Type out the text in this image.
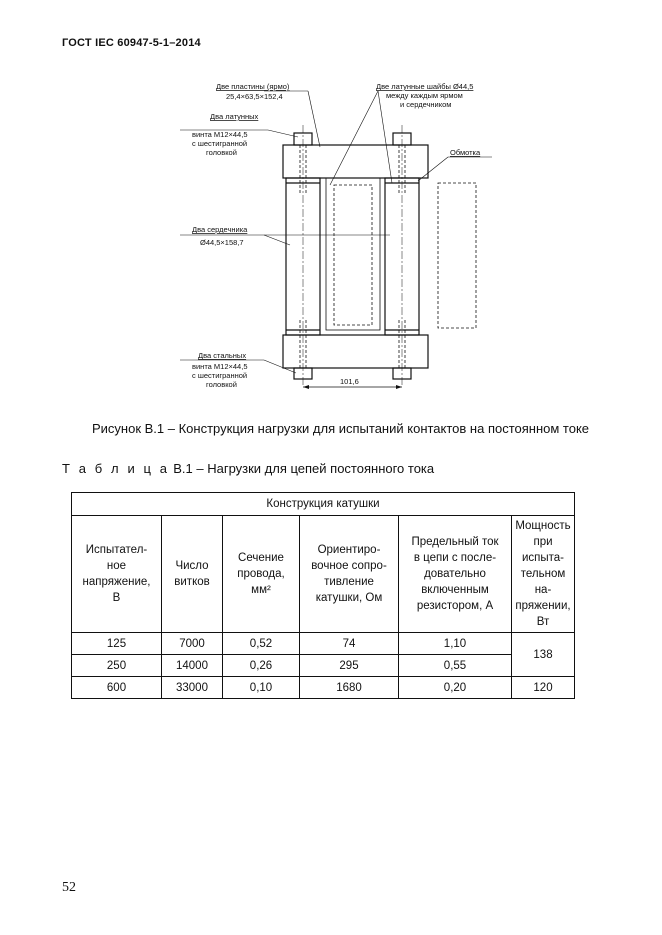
ГОСТ IEC 60947-5-1–2014
Две пластины (ярмо)
25,4×63,5×152,4
Две латунные шайбы Ø44,5
между каждым ярмом
и сердечником
Два латунных
винта M12×44,5
с шестигранной
головкой	Обмотка
Два сердечника
Ø44,5×158,7
Два стальных
винта M12×44,5
с шестигранной
головкой	101,6
Рисунок B.1 – Конструкция нагрузки для испытаний контактов на постоянном токе
Т а б л и ц а B.1 – Нагрузки для цепей постоянного тока
Конструкция катушки					
Испытател-
ное
напряжение,
В	Число
витков	Сечение
провода,
мм²	Ориентиро-
вочное сопро-
тивление
катушки, Ом	Предельный ток
в цепи с после-
довательно
включенным
резистором, А	Мощность
при испыта-
тельном на-
пряжении,
Вт
125	7000	0,52	74	1,10	138
250	14000	0,26	295	0,55	
600	33000	0,10	1680	0,20	120
52
